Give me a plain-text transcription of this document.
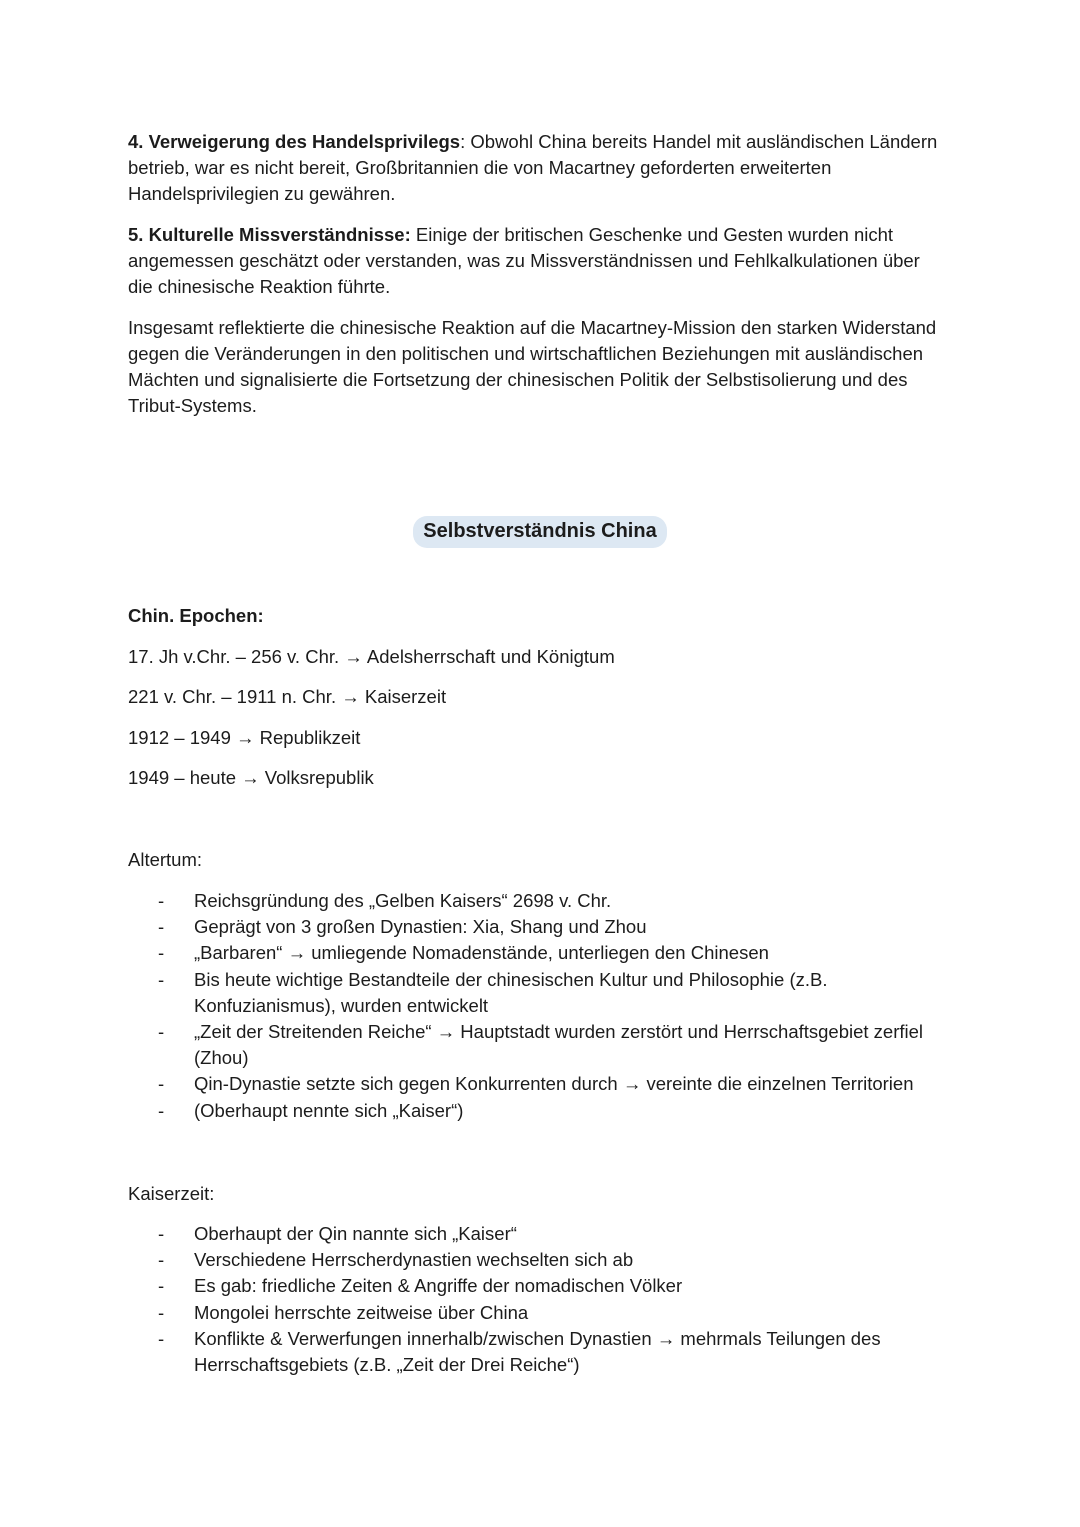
4. Verweigerung des Handelsprivilegs: Obwohl China bereits Handel mit ausländischen Ländern betrieb, war es nicht bereit, Großbritannien die von Macartney geforderten erweiterten Handelsprivilegien zu gewähren.

5. Kulturelle Missverständnisse: Einige der britischen Geschenke und Gesten wurden nicht angemessen geschätzt oder verstanden, was zu Missverständnissen und Fehlkalkulationen über die chinesische Reaktion führte.

Insgesamt reflektierte die chinesische Reaktion auf die Macartney-Mission den starken Widerstand gegen die Veränderungen in den politischen und wirtschaftlichen Beziehungen mit ausländischen Mächten und signalisierte die Fortsetzung der chinesischen Politik der Selbstisolierung und des Tribut-Systems.

Selbstverständnis China
Chin. Epochen:
17. Jh v.Chr. – 256 v. Chr. → Adelsherrschaft und Königtum
221 v. Chr. – 1911 n. Chr. → Kaiserzeit
1912 – 1949 → Republikzeit
1949 – heute → Volksrepublik
Altertum:
- Reichsgründung des „Gelben Kaisers“ 2698 v. Chr.
- Geprägt von 3 großen Dynastien: Xia, Shang und Zhou
- „Barbaren“ → umliegende Nomadenstände, unterliegen den Chinesen
- Bis heute wichtige Bestandteile der chinesischen Kultur und Philosophie (z.B. Konfuzianismus), wurden entwickelt
- „Zeit der Streitenden Reiche“ → Hauptstadt wurden zerstört und Herrschaftsgebiet zerfiel (Zhou)
- Qin-Dynastie setzte sich gegen Konkurrenten durch → vereinte die einzelnen Territorien
- (Oberhaupt nennte sich „Kaiser“)
Kaiserzeit:
- Oberhaupt der Qin nannte sich „Kaiser“
- Verschiedene Herrscherdynastien wechselten sich ab
- Es gab: friedliche Zeiten & Angriffe der nomadischen Völker
- Mongolei herrschte zeitweise über China
- Konflikte & Verwerfungen innerhalb/zwischen Dynastien → mehrmals Teilungen des Herrschaftsgebiets (z.B. „Zeit der Drei Reiche“)
